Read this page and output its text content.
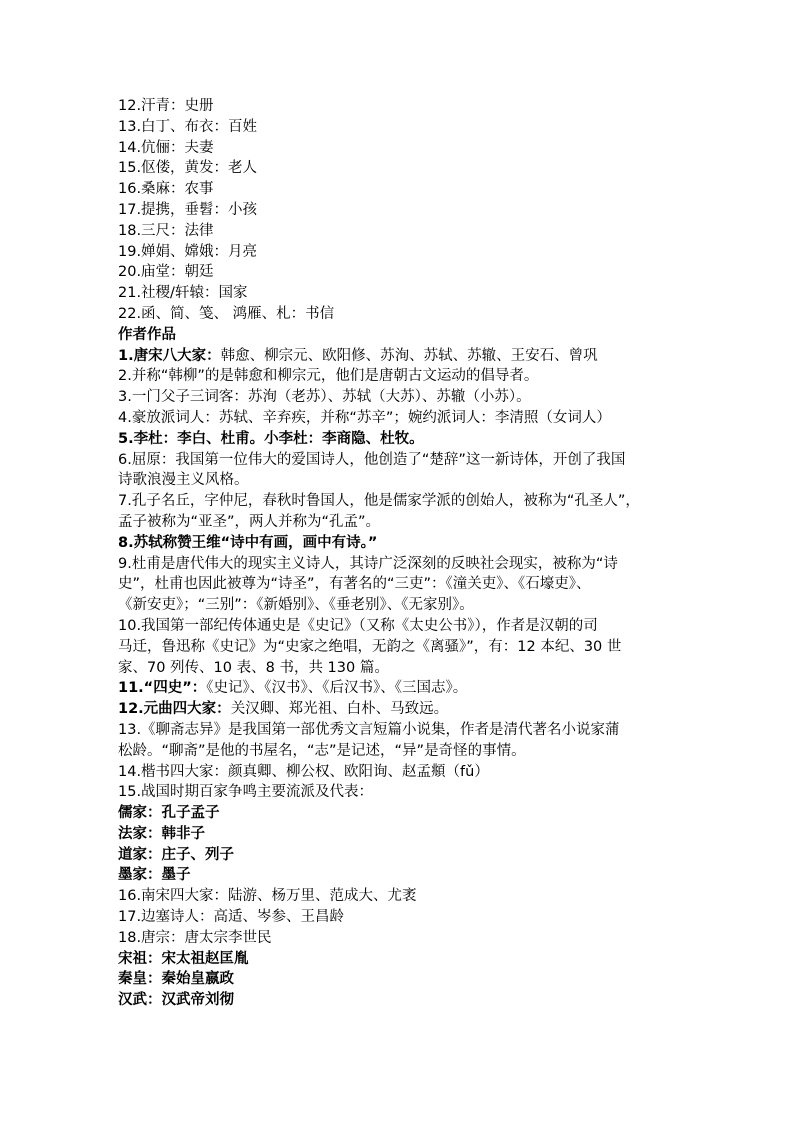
12.汗青：史册
13.白丁、布衣：百姓
14.伉俪：夫妻
15.伛偻，黄发：老人
16.桑麻：农事
17.提携，垂髫：小孩
18.三尺：法律
19.婵娟、嫦娥：月亮
20.庙堂：朝廷
21.社稷/轩辕：国家
22.函、简、笺、 鸿雁、札：书信
作者作品
1.唐宋八大家：韩愈、柳宗元、欧阳修、苏洵、苏轼、苏辙、王安石、曾巩
2.并称“韩柳”的是韩愈和柳宗元，他们是唐朝古文运动的倡导者。
3.一门父子三词客：苏洵（老苏）、苏轼（大苏）、苏辙（小苏）。
4.豪放派词人：苏轼、辛弃疾，并称“苏辛”；婉约派词人：李清照（女词人）
5.李杜：李白、杜甫。小李杜：李商隐、杜牧。
6.屈原：我国第一位伟大的爱国诗人，他创造了“楚辞”这一新诗体，开创了我国
诗歌浪漫主义风格。
7.孔子名丘，字仲尼，春秋时鲁国人，他是儒家学派的创始人，被称为“孔圣人”，
孟子被称为“亚圣”，两人并称为“孔孟”。
8.苏轼称赞王维“诗中有画，画中有诗。”
9.杜甫是唐代伟大的现实主义诗人，其诗广泛深刻的反映社会现实，被称为“诗
史”，杜甫也因此被尊为“诗圣”，有著名的“三吏”：《潼关吏》、《石壕吏》、
《新安吏》；“三别”：《新婚别》、《垂老别》、《无家别》。
10.我国第一部纪传体通史是《史记》（又称《太史公书》），作者是汉朝的司
马迁，鲁迅称《史记》为“史家之绝唱，无韵之《离骚》”，有：12 本纪、30 世
家、70 列传、10 表、8 书，共 130 篇。
11.“四史”：《史记》、《汉书》、《后汉书》、《三国志》。
12.元曲四大家：关汉卿、郑光祖、白朴、马致远。
13.《聊斋志异》是我国第一部优秀文言短篇小说集，作者是清代著名小说家蒲
松龄。“聊斋”是他的书屋名，“志”是记述，“异”是奇怪的事情。
14.楷书四大家：颜真卿、柳公权、欧阳询、赵孟頫（fǔ）
15.战国时期百家争鸣主要流派及代表：
儒家：孔子孟子
法家：韩非子
道家：庄子、列子
墨家：墨子
16.南宋四大家：陆游、杨万里、范成大、尤袤
17.边塞诗人：高适、岑参、王昌龄
18.唐宗：唐太宗李世民
宋祖：宋太祖赵匡胤
秦皇：秦始皇嬴政
汉武：汉武帝刘彻
